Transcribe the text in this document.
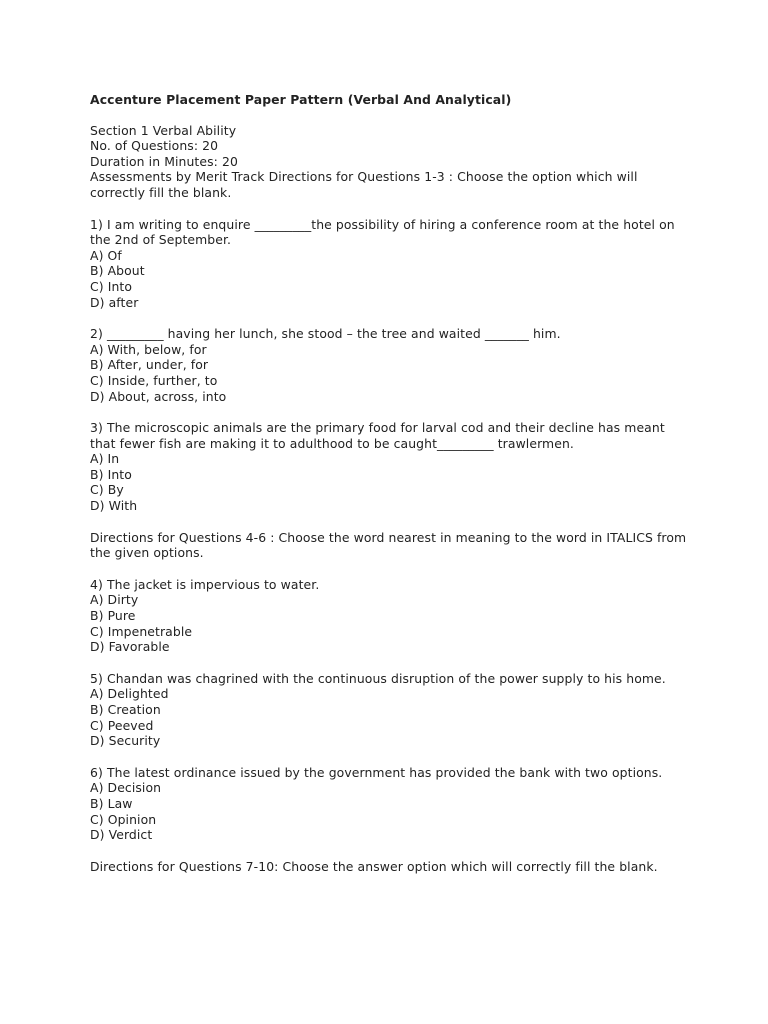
Accenture Placement Paper Pattern (Verbal And Analytical)
Section 1 Verbal Ability
No. of Questions: 20
Duration in Minutes: 20
Assessments by Merit Track Directions for Questions 1-3 : Choose the option which will correctly fill the blank.
1) I am writing to enquire _________the possibility of hiring a conference room at the hotel on the 2nd of September.
A) Of
B) About
C) Into
D) after
2) _________ having her lunch, she stood – the tree and waited _______ him.
A) With, below, for
B) After, under, for
C) Inside, further, to
D) About, across, into
3) The microscopic animals are the primary food for larval cod and their decline has meant that fewer fish are making it to adulthood to be caught_________ trawlermen.
A) In
B) Into
C) By
D) With
Directions for Questions 4-6 : Choose the word nearest in meaning to the word in ITALICS from the given options.
4) The jacket is impervious to water.
A) Dirty
B) Pure
C) Impenetrable
D) Favorable
5) Chandan was chagrined with the continuous disruption of the power supply to his home.
A) Delighted
B) Creation
C) Peeved
D) Security
6) The latest ordinance issued by the government has provided the bank with two options.
A) Decision
B) Law
C) Opinion
D) Verdict
Directions for Questions 7-10: Choose the answer option which will correctly fill the blank.
